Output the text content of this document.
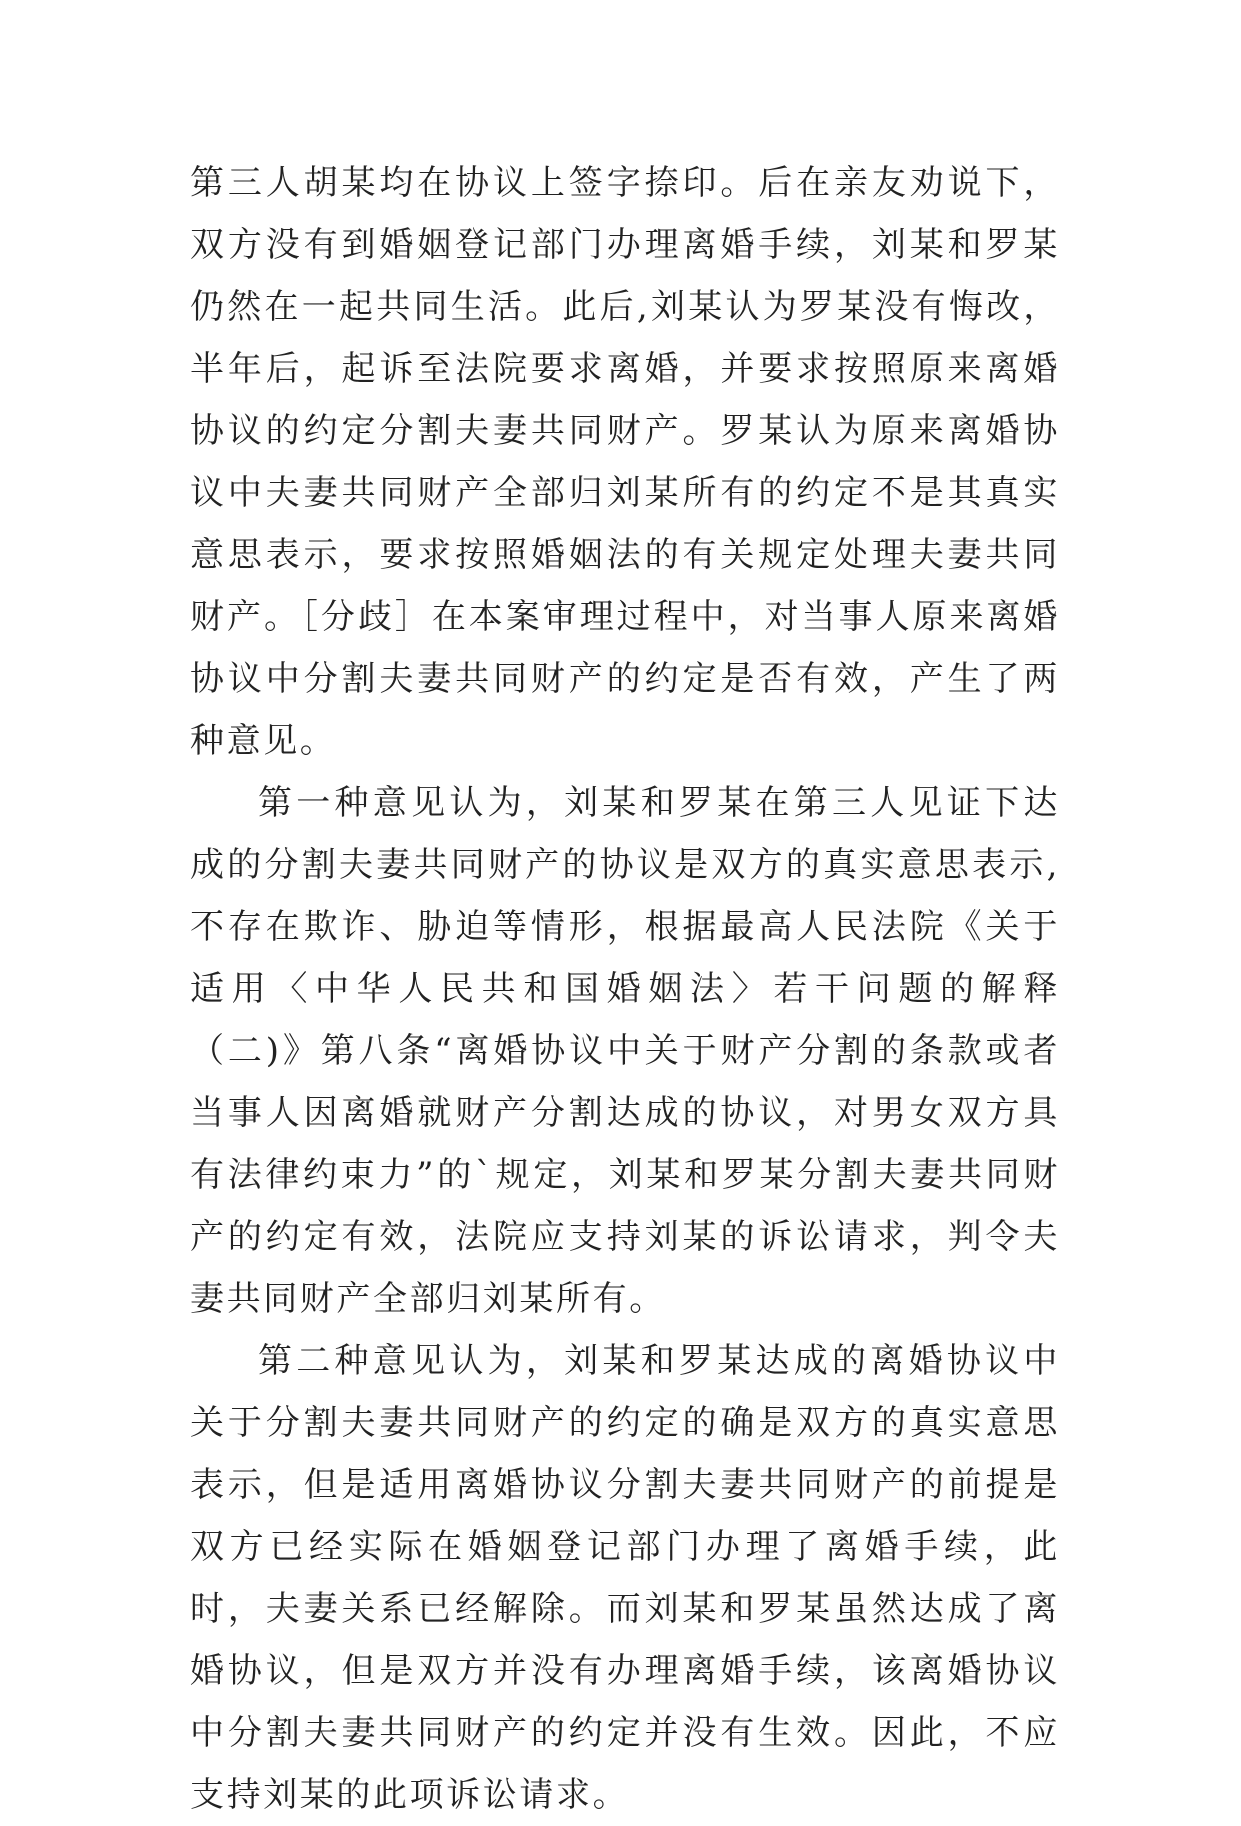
第三人胡某均在协议上签字捺印。后在亲友劝说下，双方没有到婚姻登记部门办理离婚手续，刘某和罗某仍然在一起共同生活。此后,刘某认为罗某没有悔改，半年后，起诉至法院要求离婚，并要求按照原来离婚协议的约定分割夫妻共同财产。罗某认为原来离婚协议中夫妻共同财产全部归刘某所有的约定不是其真实意思表示，要求按照婚姻法的有关规定处理夫妻共同财产。［分歧］在本案审理过程中，对当事人原来离婚协议中分割夫妻共同财产的约定是否有效，产生了两种意见。

第一种意见认为，刘某和罗某在第三人见证下达成的分割夫妻共同财产的协议是双方的真实意思表示,不存在欺诈、胁迫等情形，根据最高人民法院《关于适用〈中华人民共和国婚姻法〉若干问题的解释（二)》第八条“离婚协议中关于财产分割的条款或者当事人因离婚就财产分割达成的协议，对男女双方具有法律约束力”的`规定，刘某和罗某分割夫妻共同财产的约定有效，法院应支持刘某的诉讼请求，判令夫妻共同财产全部归刘某所有。

第二种意见认为，刘某和罗某达成的离婚协议中关于分割夫妻共同财产的约定的确是双方的真实意思表示，但是适用离婚协议分割夫妻共同财产的前提是双方已经实际在婚姻登记部门办理了离婚手续，此时，夫妻关系已经解除。而刘某和罗某虽然达成了离婚协议，但是双方并没有办理离婚手续，该离婚协议中分割夫妻共同财产的约定并没有生效。因此，不应支持刘某的此项诉讼请求。
